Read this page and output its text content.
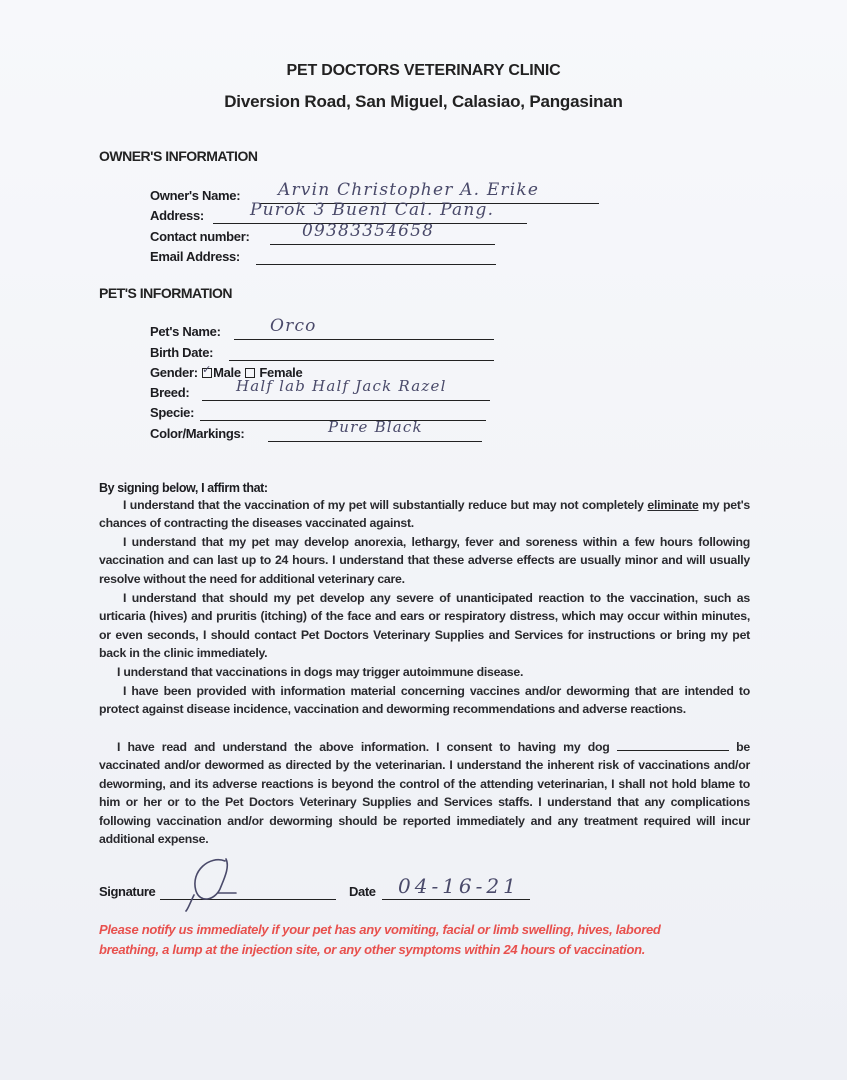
PET DOCTORS VETERINARY CLINIC
Diversion Road, San Miguel, Calasiao, Pangasinan
OWNER'S INFORMATION
Owner's Name: Arvin Christopher A. Erike
Address:	Purok 3 Buenl Cal. Pang.
Contact number:	09383354658
Email Address:
PET'S INFORMATION
Pet's Name:	Orco
Birth Date:
Gender: ✓ Male Female
Breed:	Half lab Half Jack Razel
Specie:
Color/Markings:	Pure Black
By signing below, I affirm that:
I understand that the vaccination of my pet will substantially reduce but may not completely eliminate my pet's chances of contracting the diseases vaccinated against.
I understand that my pet may develop anorexia, lethargy, fever and soreness within a few hours following vaccination and can last up to 24 hours. I understand that these adverse effects are usually minor and will usually resolve without the need for additional veterinary care.
I understand that should my pet develop any severe of unanticipated reaction to the vaccination, such as urticaria (hives) and pruritis (itching) of the face and ears or respiratory distress, which may occur within minutes, or even seconds, I should contact Pet Doctors Veterinary Supplies and Services for instructions or bring my pet back in the clinic immediately.
I understand that vaccinations in dogs may trigger autoimmune disease.
I have been provided with information material concerning vaccines and/or deworming that are intended to protect against disease incidence, vaccination and deworming recommendations and adverse reactions.
I have read and understand the above information. I consent to having my dog	be vaccinated and/or dewormed as directed by the veterinarian. I understand the inherent risk of vaccinations and/or deworming, and its adverse reactions is beyond the control of the attending veterinarian, I shall not hold blame to him or her or to the Pet Doctors Veterinary Supplies and Services staffs. I understand that any complications following vaccination and/or deworming should be reported immediately and any treatment required will incur additional expense.
Signature	Date 04-16-21
Please notify us immediately if your pet has any vomiting, facial or limb swelling, hives, labored breathing, a lump at the injection site, or any other symptoms within 24 hours of vaccination.
